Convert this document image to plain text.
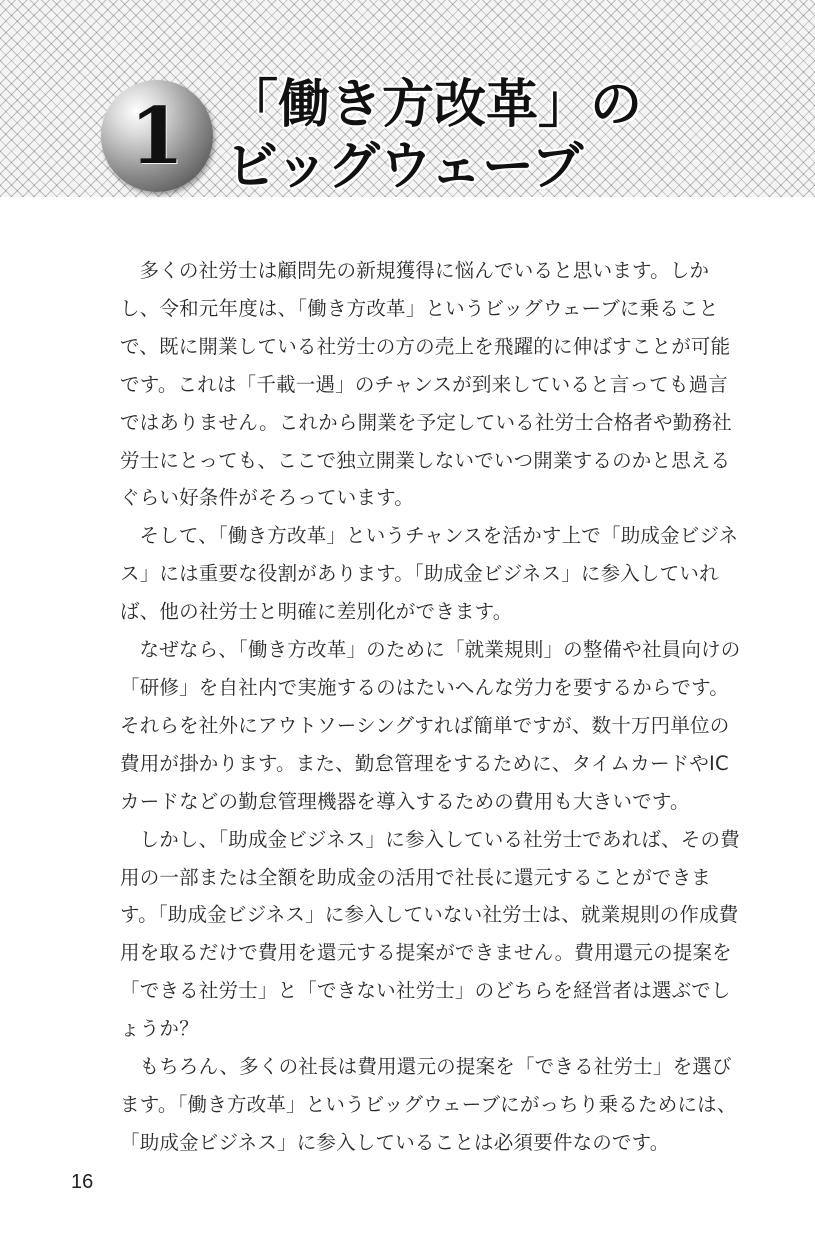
1 「働き方改革」の
ビッグウェーブ

多くの社労士は顧問先の新規獲得に悩んでいると思います。しかし、令和元年度は、「働き方改革」というビッグウェーブに乗ることで、既に開業している社労士の方の売上を飛躍的に伸ばすことが可能です。これは「千載一遇」のチャンスが到来していると言っても過言ではありません。これから開業を予定している社労士合格者や勤務社労士にとっても、ここで独立開業しないでいつ開業するのかと思えるぐらい好条件がそろっています。

そして、「働き方改革」というチャンスを活かす上で「助成金ビジネス」には重要な役割があります。「助成金ビジネス」に参入していれば、他の社労士と明確に差別化ができます。

なぜなら、「働き方改革」のために「就業規則」の整備や社員向けの「研修」を自社内で実施するのはたいへんな労力を要するからです。それらを社外にアウトソーシングすれば簡単ですが、数十万円単位の費用が掛かります。また、勤怠管理をするために、タイムカードやICカードなどの勤怠管理機器を導入するための費用も大きいです。

しかし、「助成金ビジネス」に参入している社労士であれば、その費用の一部または全額を助成金の活用で社長に還元することができます。「助成金ビジネス」に参入していない社労士は、就業規則の作成費用を取るだけで費用を還元する提案ができません。費用還元の提案を「できる社労士」と「できない社労士」のどちらを経営者は選ぶでしょうか？

もちろん、多くの社長は費用還元の提案を「できる社労士」を選びます。「働き方改革」というビッグウェーブにがっちり乗るためには、「助成金ビジネス」に参入していることは必須要件なのです。

16
